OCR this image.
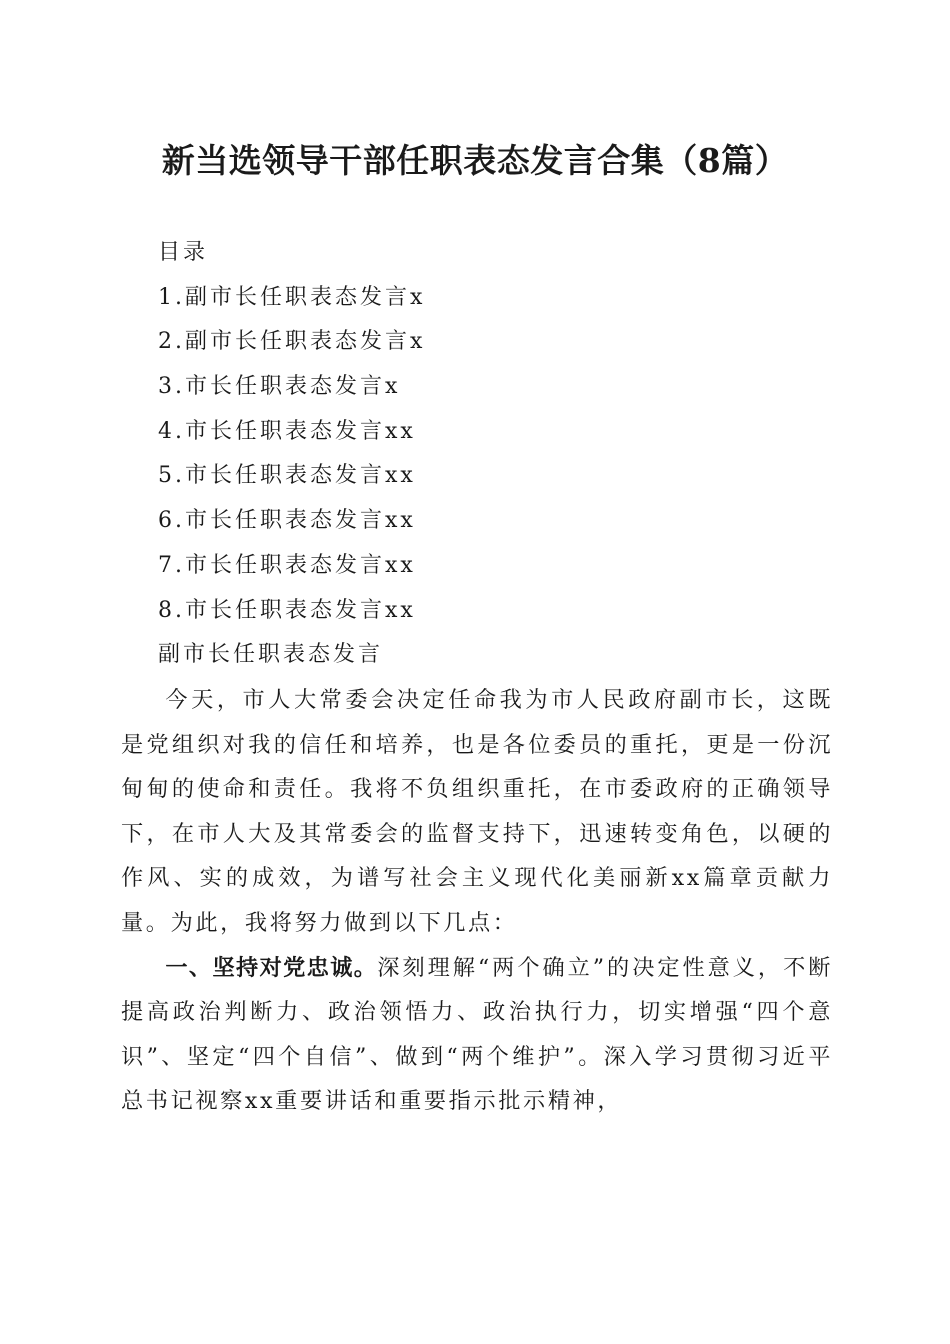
新当选领导干部任职表态发言合集（8篇）
目录
1.副市长任职表态发言x
2.副市长任职表态发言x
3.市长任职表态发言x
4.市长任职表态发言xx
5.市长任职表态发言xx
6.市长任职表态发言xx
7.市长任职表态发言xx
8.市长任职表态发言xx
副市长任职表态发言

今天，市人大常委会决定任命我为市人民政府副市长，这既是党组织对我的信任和培养，也是各位委员的重托，更是一份沉甸甸的使命和责任。我将不负组织重托，在市委政府的正确领导下，在市人大及其常委会的监督支持下，迅速转变角色，以硬的作风、实的成效，为谱写社会主义现代化美丽新xx篇章贡献力量。为此，我将努力做到以下几点：

一、坚持对党忠诚。深刻理解“两个确立”的决定性意义，不断提高政治判断力、政治领悟力、政治执行力，切实增强“四个意识”、坚定“四个自信”、做到“两个维护”。深入学习贯彻习近平总书记视察xx重要讲话和重要指示批示精神，
